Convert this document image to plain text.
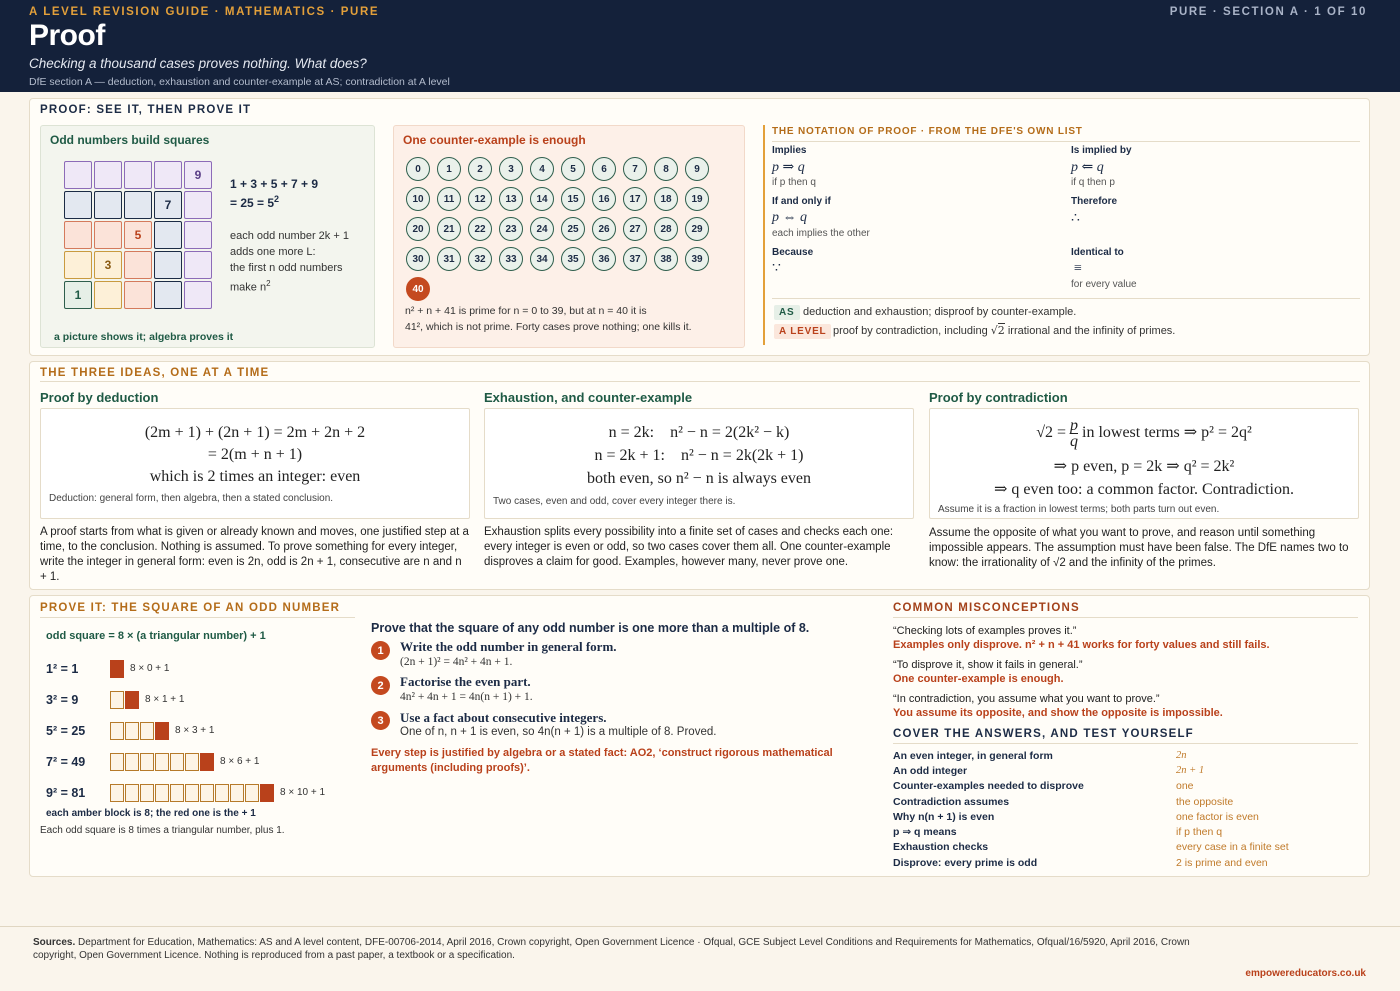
A LEVEL REVISION GUIDE · MATHEMATICS · PURE	PURE · SECTION A · 1 OF 10
Proof
Checking a thousand cases proves nothing. What does?
DfE section A — deduction, exhaustion and counter-example at AS; contradiction at A level
PROOF: SEE IT, THEN PROVE IT
Odd numbers build squares
9
7
5
3
1
1 + 3 + 5 + 7 + 9
= $25 = 5^2$
each odd number 2k + 1
adds one more L:
the first n odd numbers
make $n^2$
a picture shows it; algebra proves it
One counter-example is enough
0	1	2	3	4	5	6	7	8	9
10	11	12	13	14	15	16	17	18	19
20	21	22	23	24	25	26	27	28	29
30	31	32	33	34	35	36	37	38	39
40
n² + n + 41 is prime for n = 0 to 39, but at n = 40 it is
41², which is not prime. Forty cases prove nothing; one kills it.
THE NOTATION OF PROOF · FROM THE DFE'S OWN LIST
Implies
p ⇒ q
if p then q
Is implied by
p ⇐ q
if q then p
If and only if
p ⇔ q
each implies the other
Therefore
∴
Because
∵
Identical to
≡
for every value
AS deduction and exhaustion; disproof by counter-example.
A LEVEL proof by contradiction, including √2 irrational and the infinity of primes.
THE THREE IDEAS, ONE AT A TIME
Proof by deduction
(2m + 1) + (2n + 1) = 2m + 2n + 2
= 2(m + n + 1)
which is 2 times an integer: even
Deduction: general form, then algebra, then a stated conclusion.
A proof starts from what is given or already known and moves, one justified step at a time, to the conclusion. Nothing is assumed. To prove something for every integer, write the integer in general form: even is 2n, odd is 2n + 1, consecutive are n and n + 1.
Exhaustion, and counter-example
n = 2k:    n² − n = 2(2k² − k)
n = 2k + 1:    n² − n = 2k(2k + 1)
both even, so n² − n is always even
Two cases, even and odd, cover every integer there is.
Exhaustion splits every possibility into a finite set of cases and checks each one: every integer is even or odd, so two cases cover them all. One counter-example disproves a claim for good. Examples, however many, never prove one.
Proof by contradiction
$√2 = \frac{p}{q}$ in lowest terms ⇒ p² = 2q²
⇒ p even, p = 2k ⇒ q² = 2k²
⇒ q even too: a common factor. Contradiction.
Assume it is a fraction in lowest terms; both parts turn out even.
Assume the opposite of what you want to prove, and reason until something impossible appears. The assumption must have been false. The DfE names two to know: the irrationality of √2 and the infinity of the primes.
PROVE IT: THE SQUARE OF AN ODD NUMBER
odd square = 8 × (a triangular number) + 1
1² = 1
3² = 9
5² = 25
7² = 49
9² = 81
8 × 0 + 1
8 × 1 + 1
8 × 3 + 1
8 × 6 + 1
8 × 10 + 1
each amber block is 8; the red one is the + 1
Each odd square is 8 times a triangular number, plus 1.
Prove that the square of any odd number is one more than a multiple of 8.
1	Write the odd number in general form.
(2n + 1)² = 4n² + 4n + 1.
2	Factorise the even part.
4n² + 4n + 1 = 4n(n + 1) + 1.
3	Use a fact about consecutive integers.
One of n, n + 1 is even, so 4n(n + 1) is a multiple of 8. Proved.
Every step is justified by algebra or a stated fact: AO2, ‘construct rigorous mathematical
arguments (including proofs)’.
COMMON MISCONCEPTIONS
“Checking lots of examples proves it.”
Examples only disprove. n² + n + 41 works for forty values and still fails.
“To disprove it, show it fails in general.”
One counter-example is enough.
“In contradiction, you assume what you want to prove.”
You assume its opposite, and show the opposite is impossible.
COVER THE ANSWERS, AND TEST YOURSELF
An even integer, in general form	2n
An odd integer	2n + 1
Counter-examples needed to disprove	one
Contradiction assumes	the opposite
Why n(n + 1) is even	one factor is even
p ⇒ q means	if p then q
Exhaustion checks	every case in a finite set
Disprove: every prime is odd	2 is prime and even
Sources. Department for Education, Mathematics: AS and A level content, DFE-00706-2014, April 2016, Crown copyright, Open Government Licence · Ofqual, GCE Subject Level Conditions and Requirements for Mathematics, Ofqual/16/5920, April 2016, Crown copyright, Open Government Licence. Nothing is reproduced from a past paper, a textbook or a specification.
empowereducators.co.uk
